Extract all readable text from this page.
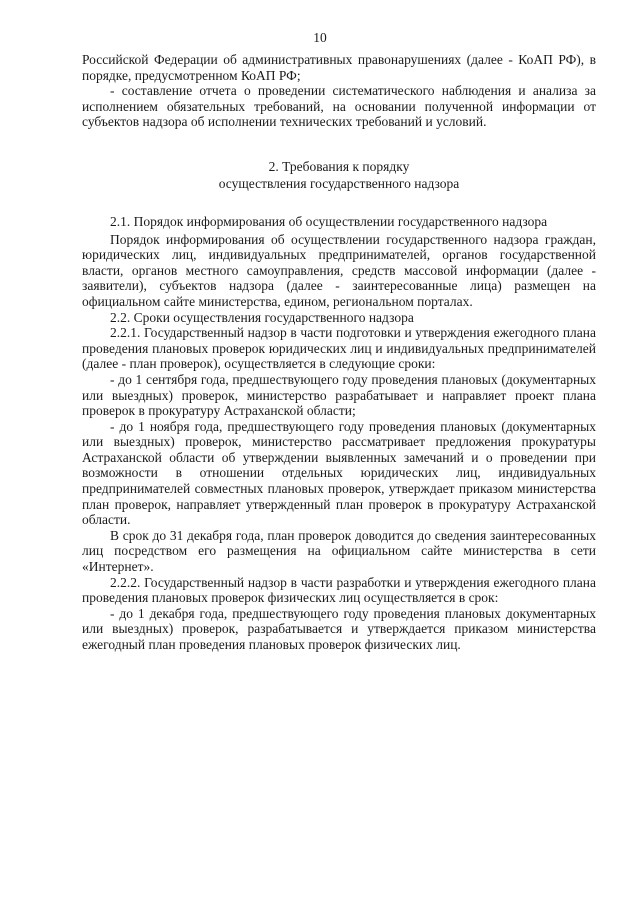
10

Российской Федерации об административных правонарушениях (далее - КоАП РФ), в порядке, предусмотренном КоАП РФ;

- составление отчета о проведении систематического наблюдения и анализа за исполнением обязательных требований, на основании полученной информации от субъектов надзора об исполнении технических требований и условий.

2. Требования к порядку
осуществления государственного надзора

2.1. Порядок информирования об осуществлении государственного надзора

Порядок информирования об осуществлении государственного надзора граждан, юридических лиц, индивидуальных предпринимателей, органов государственной власти, органов местного самоуправления, средств массовой информации (далее - заявители), субъектов надзора (далее - заинтересованные лица) размещен на официальном сайте министерства, едином, региональном порталах.

2.2. Сроки осуществления государственного надзора

2.2.1. Государственный надзор в части подготовки и утверждения ежегодного плана проведения плановых проверок юридических лиц и индивидуальных предпринимателей (далее - план проверок), осуществляется в следующие сроки:

- до 1 сентября года, предшествующего году проведения плановых (документарных или выездных) проверок, министерство разрабатывает и направляет проект плана проверок в прокуратуру Астраханской области;

- до 1 ноября года, предшествующего году проведения плановых (документарных или выездных) проверок, министерство рассматривает предложения прокуратуры Астраханской области об утверждении выявленных замечаний и о проведении при возможности в отношении отдельных юридических лиц, индивидуальных предпринимателей совместных плановых проверок, утверждает приказом министерства план проверок, направляет утвержденный план проверок в прокуратуру Астраханской области.

В срок до 31 декабря года, план проверок доводится до сведения заинтересованных лиц посредством его размещения на официальном сайте министерства в сети «Интернет».

2.2.2. Государственный надзор в части разработки и утверждения ежегодного плана проведения плановых проверок физических лиц осуществляется в срок:

- до 1 декабря года, предшествующего году проведения плановых документарных или выездных) проверок, разрабатывается и утверждается приказом министерства ежегодный план проведения плановых проверок физических лиц.
